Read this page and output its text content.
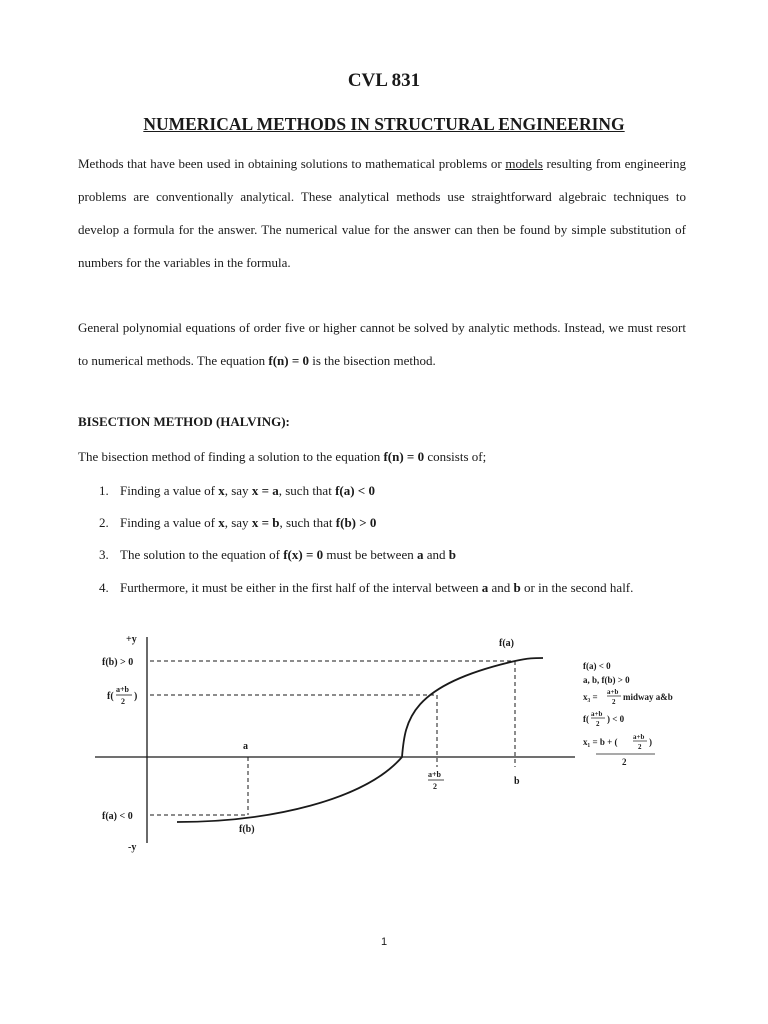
CVL 831
NUMERICAL METHODS IN STRUCTURAL ENGINEERING

Methods that have been used in obtaining solutions to mathematical problems or models resulting from engineering problems are conventionally analytical. These analytical methods use straightforward algebraic techniques to develop a formula for the answer. The numerical value for the answer can then be found by simple substitution of numbers for the variables in the formula.

General polynomial equations of order five or higher cannot be solved by analytic methods. Instead, we must resort to numerical methods. The equation f(n) = 0 is the bisection method.

BISECTION METHOD (HALVING):
The bisection method of finding a solution to the equation f(n) = 0 consists of;
1. Finding a value of x, say x = a, such that f(a) < 0
2. Finding a value of x, say x = b, such that f(b) > 0
3. The solution to the equation of f(x) = 0 must be between a and b
4. Furthermore, it must be either in the first half of the interval between a and b or in the second half.
+y
f(b) > 0
f(
a+b
2 )
f(a) < 0
-y
f(a)
a
a+b
2	b
f(b)
f(a) < 0
a, b, f(b) > 0
x₃ = a+b
2 midway a&b
f( a+b
2 ) < 0
x₁ = b + ( a+b
2 )
2
1
